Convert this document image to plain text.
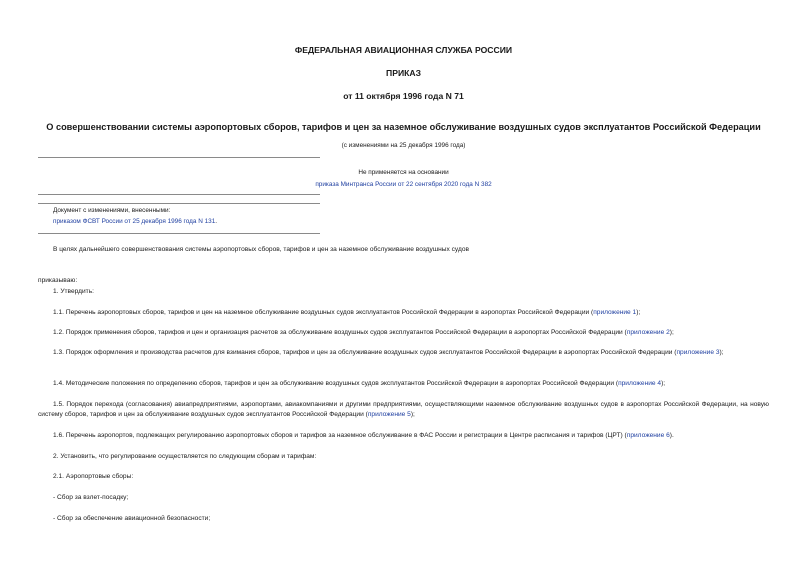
ФЕДЕРАЛЬНАЯ АВИАЦИОННАЯ СЛУЖБА РОССИИ
ПРИКАЗ
от 11 октября 1996 года N 71
О совершенствовании системы аэропортовых сборов, тарифов и цен за наземное обслуживание воздушных судов эксплуатантов Российской Федерации
(с изменениями на 25 декабря 1996 года)
Не применяется на основании
приказа Минтранса России от 22 сентября 2020 года N 382
Документ с изменениями, внесенными:
приказом ФСВТ России от 25 декабря 1996 года N 131.
В целях дальнейшего совершенствования системы аэропортовых сборов, тарифов и цен за наземное обслуживание воздушных судов
приказываю:
1. Утвердить:
1.1. Перечень аэропортовых сборов, тарифов и цен на наземное обслуживание воздушных судов эксплуатантов Российской Федерации в аэропортах Российской Федерации (приложение 1);
1.2. Порядок применения сборов, тарифов и цен и организация расчетов за обслуживание воздушных судов эксплуатантов Российской Федерации в аэропортах Российской Федерации (приложение 2);
1.3. Порядок оформления и производства расчетов для взимания сборов, тарифов и цен за обслуживание воздушных судов эксплуатантов Российской Федерации в аэропортах Российской Федерации (приложение 3);
1.4. Методические положения по определению сборов, тарифов и цен за обслуживание воздушных судов эксплуатантов Российской Федерации в аэропортах Российской Федерации (приложение 4);
1.5. Порядок перехода (согласования) авиапредприятиями, аэропортами, авиакомпаниями и другими предприятиями, осуществляющими наземное обслуживание воздушных судов в аэропортах Российской Федерации, на новую систему сборов, тарифов и цен за обслуживание воздушных судов эксплуатантов Российской Федерации (приложение 5);
1.6. Перечень аэропортов, подлежащих регулированию аэропортовых сборов и тарифов за наземное обслуживание в ФАС России и регистрации в Центре расписания и тарифов (ЦРТ) (приложение 6).
2. Установить, что регулирование осуществляется по следующим сборам и тарифам:
2.1. Аэропортовые сборы:
- Сбор за взлет-посадку;
- Сбор за обеспечение авиационной безопасности;
